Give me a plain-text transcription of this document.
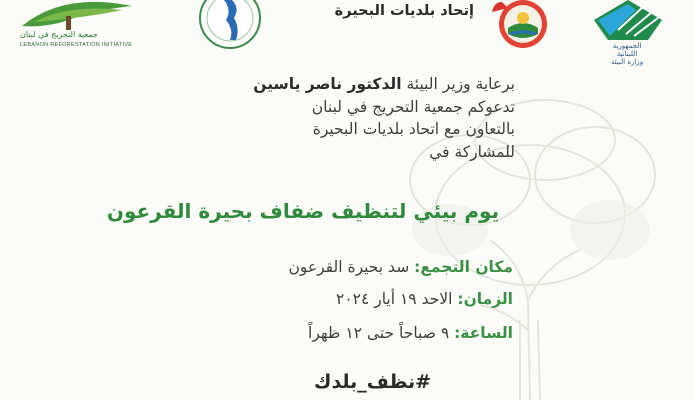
جمعية التحريج في لبنان
LEBANON REFORESTATION INITIATIVE
إتحاد بلديات البحيرة
الجمهورية اللبنانية
وزارة البيئة
برعاية وزير البيئة الدكتور ناصر ياسين
تدعوكم جمعية التحريج في لبنان
بالتعاون مع اتحاد بلديات البحيرة
للمشاركة في
يوم بيئي لتنظيف ضفاف بحيرة القرعون
مكان التجمع: سد بحيرة القرعون
الزمان: الاحد ١٩ أيار ٢٠٢٤
الساعة: ٩ صباحاً حتى ١٢ ظهراً
#نظف_بلدك
